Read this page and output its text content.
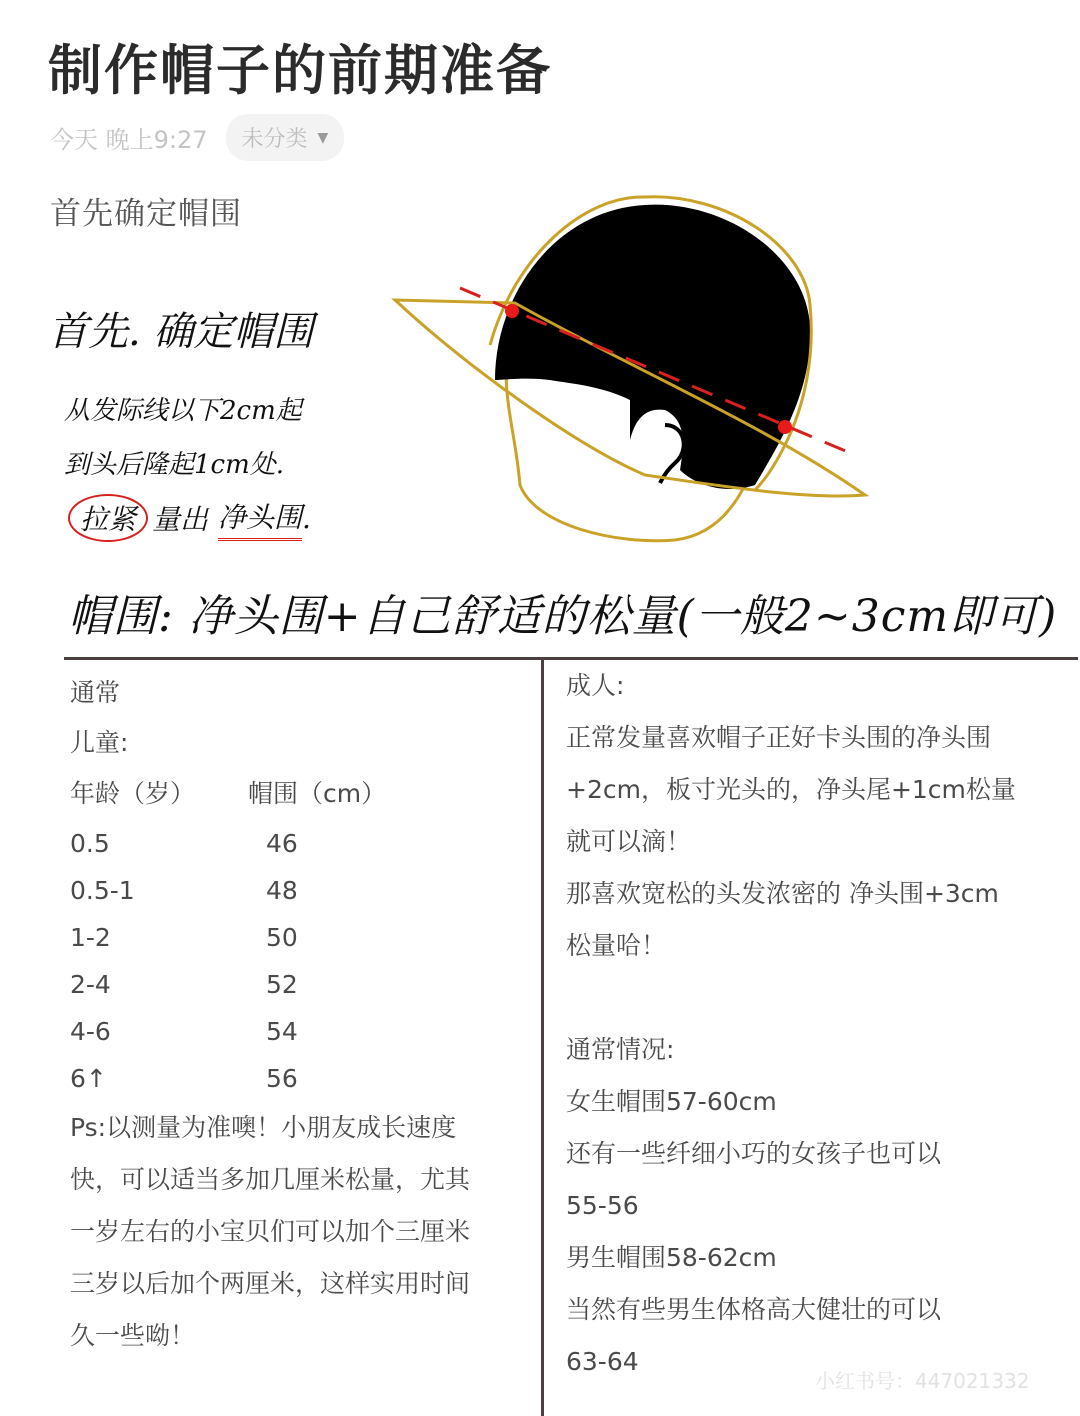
制作帽子的前期准备
今天 晚上9:27 未分类 ▼
首先确定帽围
首先. 确定帽围
从发际线以下2cm起
到头后隆起1cm处.
拉紧 量出 净头围 .
帽围: 净头围+自己舒适的松量(一般2~3cm即可)
通常
儿童:
年龄（岁）	帽围（cm）
0.5	46
0.5-1	48
1-2	50
2-4	52
4-6	54
6↑	56
Ps:以测量为准噢！小朋友成长速度
快，可以适当多加几厘米松量，尤其
一岁左右的小宝贝们可以加个三厘米
三岁以后加个两厘米，这样实用时间
久一些呦！
成人:
正常发量喜欢帽子正好卡头围的净头围
+2cm，板寸光头的，净头尾+1cm松量
就可以滴！
那喜欢宽松的头发浓密的 净头围+3cm
松量哈！
通常情况:
女生帽围57-60cm
还有一些纤细小巧的女孩子也可以
55-56
男生帽围58-62cm
当然有些男生体格高大健壮的可以
63-64
小红书号：447021332
